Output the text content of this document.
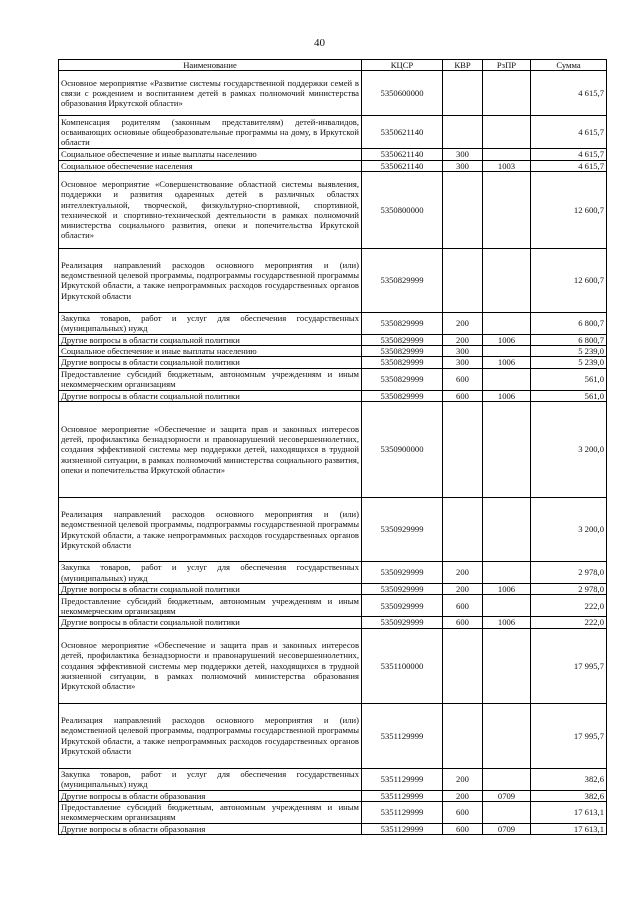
40
Наименование	КЦСР	КВР	РзПР	Сумма
Основное мероприятие «Развитие системы государственной поддержки семей в связи с рождением и воспитанием детей в рамках полномочий министерства образования Иркутской области»	5350600000			4 615,7
Компенсация родителям (законным представителям) детей-инвалидов, осваивающих основные общеобразовательные программы на дому, в Иркутской области	5350621140			4 615,7
Социальное обеспечение и иные выплаты населению	5350621140	300		4 615,7
Социальное обеспечение населения	5350621140	300	1003	4 615,7
Основное мероприятие «Совершенствование областной системы выявления, поддержки и развития одаренных детей в различных областях интеллектуальной, творческой, физкультурно-спортивной, спортивной, технической и спортивно-технической деятельности в рамках полномочий министерства социального развития, опеки и попечительства Иркутской области»	5350800000			12 600,7
Реализация направлений расходов основного мероприятия и (или) ведомственной целевой программы, подпрограммы государственной программы Иркутской области, а также непрограммных расходов государственных органов Иркутской области	5350829999			12 600,7
Закупка товаров, работ и услуг для обеспечения государственных (муниципальных) нужд	5350829999	200		6 800,7
Другие вопросы в области социальной политики	5350829999	200	1006	6 800,7
Социальное обеспечение и иные выплаты населению	5350829999	300		5 239,0
Другие вопросы в области социальной политики	5350829999	300	1006	5 239,0
Предоставление субсидий бюджетным, автономным учреждениям и иным некоммерческим организациям	5350829999	600		561,0
Другие вопросы в области социальной политики	5350829999	600	1006	561,0
Основное мероприятие «Обеспечение и защита прав и законных интересов детей, профилактика безнадзорности и правонарушений несовершеннолетних, создания эффективной системы мер поддержки детей, находящихся в трудной жизненной ситуации, в рамках полномочий министерства социального развития, опеки и попечительства Иркутской области»	5350900000			3 200,0
Реализация направлений расходов основного мероприятия и (или) ведомственной целевой программы, подпрограммы государственной программы Иркутской области, а также непрограммных расходов государственных органов Иркутской области	5350929999			3 200,0
Закупка товаров, работ и услуг для обеспечения государственных (муниципальных) нужд	5350929999	200		2 978,0
Другие вопросы в области социальной политики	5350929999	200	1006	2 978,0
Предоставление субсидий бюджетным, автономным учреждениям и иным некоммерческим организациям	5350929999	600		222,0
Другие вопросы в области социальной политики	5350929999	600	1006	222,0
Основное мероприятие «Обеспечение и защита прав и законных интересов детей, профилактика безнадзорности и правонарушений несовершеннолетних, создания эффективной системы мер поддержки детей, находящихся в трудной жизненной ситуации, в рамках полномочий министерства образования Иркутской области»	5351100000			17 995,7
Реализация направлений расходов основного мероприятия и (или) ведомственной целевой программы, подпрограммы государственной программы Иркутской области, а также непрограммных расходов государственных органов Иркутской области	5351129999			17 995,7
Закупка товаров, работ и услуг для обеспечения государственных (муниципальных) нужд	5351129999	200		382,6
Другие вопросы в области образования	5351129999	200	0709	382,6
Предоставление субсидий бюджетным, автономным учреждениям и иным некоммерческим организациям	5351129999	600		17 613,1
Другие вопросы в области образования	5351129999	600	0709	17 613,1
